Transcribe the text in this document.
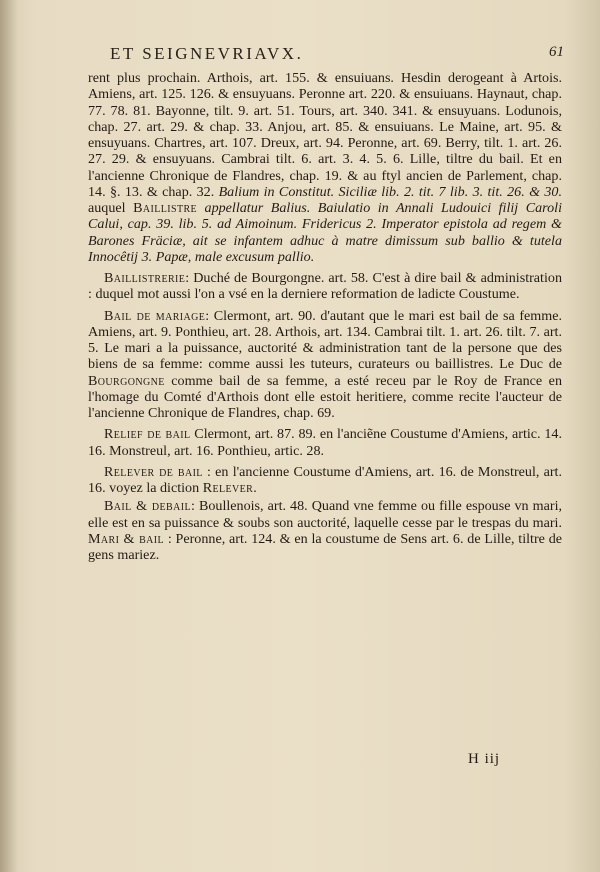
ET SEIGNEVRIAVX.	61

rent plus prochain. Arthois, art. 155. & ensuiuans. Hesdin derogeant à Artois. Amiens, art. 125. 126. & ensuyuans. Peronne art. 220. & ensuiuans. Haynaut, chap. 77. 78. 81. Bayonne, tilt. 9. art. 51. Tours, art. 340. 341. & ensuyuans. Lodunois, chap. 27. art. 29. & chap. 33. Anjou, art. 85. & ensuiuans. Le Maine, art. 95. & ensuyuans. Chartres, art. 107. Dreux, art. 94. Peronne, art. 69. Berry, tilt. 1. art. 26. 27. 29. & ensuyuans. Cambrai tilt. 6. art. 3. 4. 5. 6. Lille, tiltre du bail. Et en l'ancienne Chronique de Flandres, chap. 19. & au ftyl ancien de Parlement, chap. 14. §. 13. & chap. 32. Balium in Constitut. Siciliæ lib. 2. tit. 7 lib. 3. tit. 26. & 30. auquel Baillistre appellatur Balius. Baiulatio in Annali Ludouici filij Caroli Calui, cap. 39. lib. 5. ad Aimoinum. Fridericus 2. Imperator epistola ad regem & Barones Fräciæ, ait se infantem adhuc à matre dimissum sub ballio & tutela Innocêtij 3. Papæ, male excusum pallio.

Baillistrerie: Duché de Bourgongne. art. 58. C'est à dire bail & administration : duquel mot aussi l'on a vsé en la derniere reformation de ladicte Coustume.

Bail de mariage: Clermont, art. 90. d'autant que le mari est bail de sa femme. Amiens, art. 9. Ponthieu, art. 28. Arthois, art. 134. Cambrai tilt. 1. art. 26. tilt. 7. art. 5. Le mari a la puissance, auctorité & administration tant de la persone que des biens de sa femme: comme aussi les tuteurs, curateurs ou baillistres. Le Duc de Bourgongne comme bail de sa femme, a esté receu par le Roy de France en l'homage du Comté d'Arthois dont elle estoit heritiere, comme recite l'aucteur de l'ancienne Chronique de Flandres, chap. 69.

Relief de bail Clermont, art. 87. 89. en l'anciẽne Coustume d'Amiens, artic. 14. 16. Monstreul, art. 16. Ponthieu, artic. 28.

Relever de bail : en l'ancienne Coustume d'Amiens, art. 16. de Monstreul, art. 16. voyez la diction Relever.

Bail & debail: Boullenois, art. 48. Quand vne femme ou fille espouse vn mari, elle est en sa puissance & soubs son auctorité, laquelle cesse par le trespas du mari. Mari & bail : Peronne, art. 124. & en la coustume de Sens art. 6. de Lille, tiltre de gens mariez.

H iij
